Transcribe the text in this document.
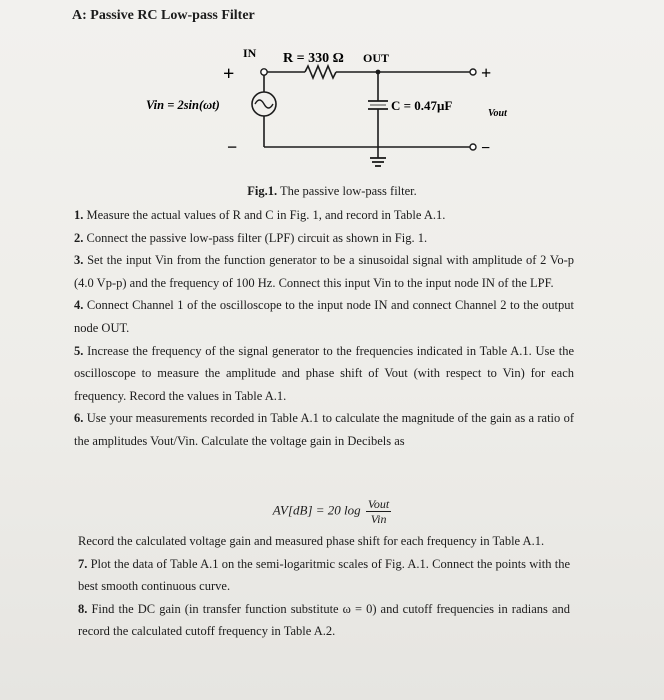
A: Passive RC Low-pass Filter
IN R = 330 Ω OUT
C = 0.47μF
Vin = 2sin(ωt)
Vout
+
−
+
−
Fig.1. The passive low-pass filter.

1. Measure the actual values of R and C in Fig. 1, and record in Table A.1.

2. Connect the passive low-pass filter (LPF) circuit as shown in Fig. 1.

3. Set the input Vin from the function generator to be a sinusoidal signal with amplitude of 2 Vo-p (4.0 Vp-p) and the frequency of 100 Hz. Connect this input Vin to the input node IN of the LPF.

4. Connect Channel 1 of the oscilloscope to the input node IN and connect Channel 2 to the output node OUT.

5. Increase the frequency of the signal generator to the frequencies indicated in Table A.1. Use the oscilloscope to measure the amplitude and phase shift of Vout (with respect to Vin) for each frequency. Record the values in Table A.1.

6. Use your measurements recorded in Table A.1 to calculate the magnitude of the gain as a ratio of the amplitudes Vout/Vin. Calculate the voltage gain in Decibels as

AV[dB] = 20 $\log \frac{\text{Vout}}{\text{Vin}}$

Record the calculated voltage gain and measured phase shift for each frequency in Table A.1.

7. Plot the data of Table A.1 on the semi-logaritmic scales of Fig. A.1. Connect the points with the best smooth continuous curve.

8. Find the DC gain (in transfer function substitute ω = 0) and cutoff frequencies in radians and record the calculated cutoff frequency in Table A.2.
